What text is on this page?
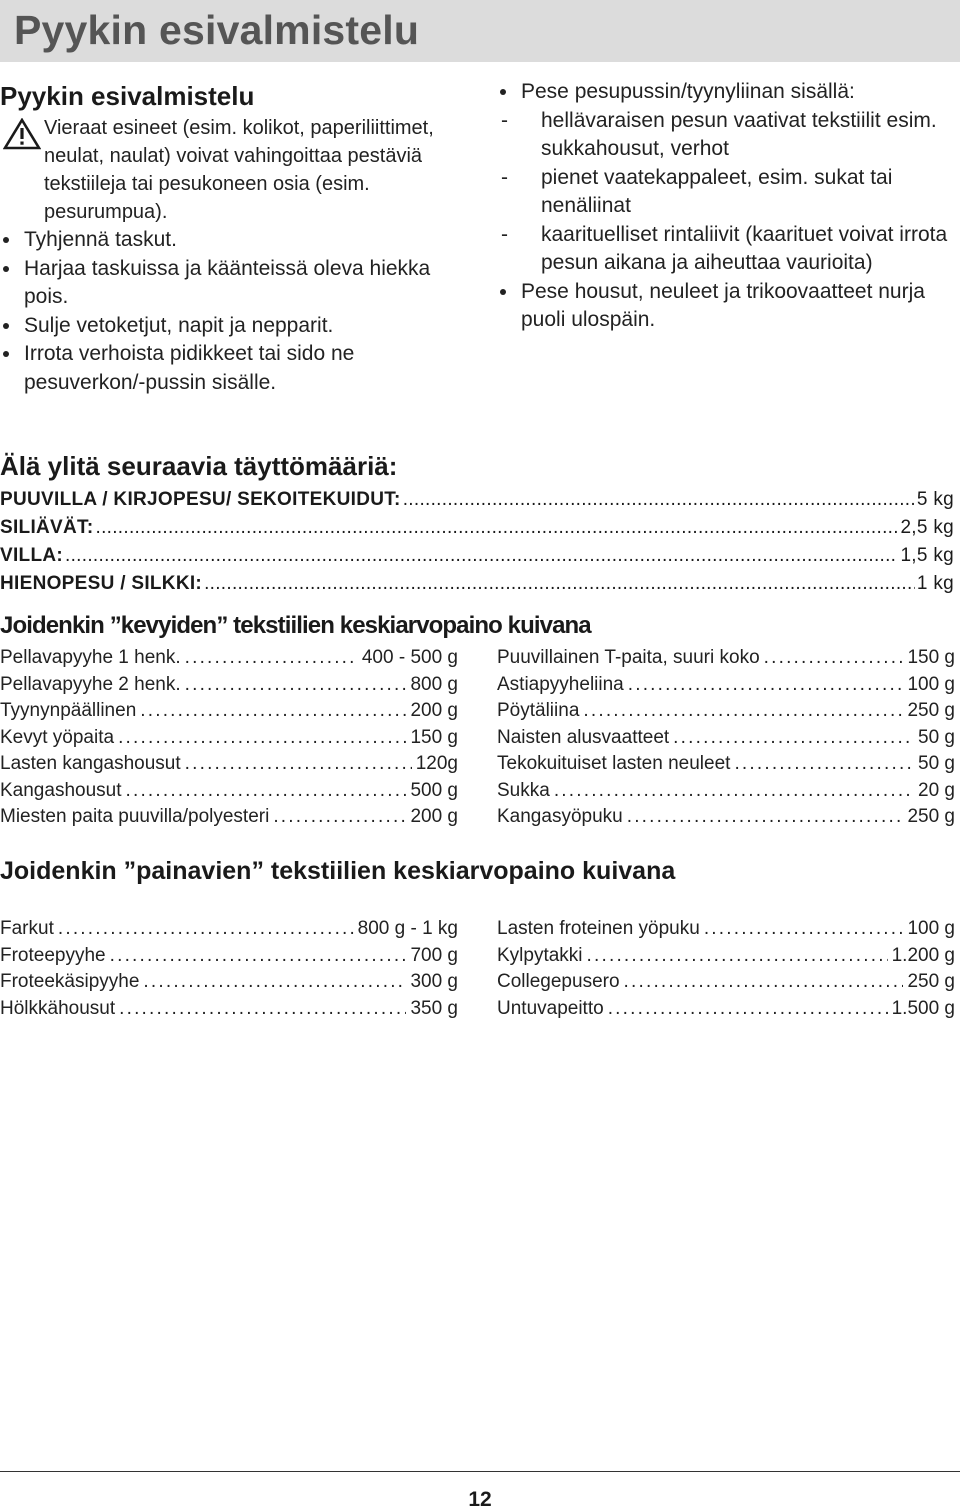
Pyykin esivalmistelu
Pyykin esivalmistelu
Vieraat esineet (esim. kolikot, paperiliittimet, neulat, naulat) voivat vahingoittaa pestäviä tekstiileja tai pesukoneen osia (esim. pesurumpua).
Tyhjennä taskut.
Harjaa taskuissa ja käänteissä oleva hiekka pois.
Sulje vetoketjut, napit ja nepparit.
Irrota verhoista pidikkeet tai sido ne pesuverkon/-pussin sisälle.
Pese pesupussin/tyynyliinan sisällä:
- hellävaraisen pesun vaativat tekstiilit esim. sukkahousut, verhot
- pienet vaatekappaleet, esim. sukat tai nenäliinat
- kaarituelliset rintaliivit (kaarituet voivat irrota pesun aikana ja aiheuttaa vaurioita)
Pese housut, neuleet ja trikoovaatteet nurja puoli ulospäin.
Älä ylitä seuraavia täyttömääriä:
PUUVILLA / KIRJOPESU/ SEKOITEKUIDUT: .....	5 kg
SILIÄVÄT: .....	2,5 kg
VILLA: .....	1,5 kg
HIENOPESU / SILKKI: .....	1 kg
Joidenkin ”kevyiden” tekstiilien keskiarvopaino kuivana
Pellavapyyhe 1 henk. .....	400 - 500 g
Pellavapyyhe 2 henk. .....	800 g
Tyynynpäällinen .....	200 g
Kevyt yöpaita .....	150 g
Lasten kangashousut .....	120g
Kangashousut .....	500 g
Miesten paita puuvilla/polyesteri .....	200 g
Puuvillainen T-paita, suuri koko .....	150 g
Astiapyyheliina .....	100 g
Pöytäliina .....	250 g
Naisten alusvaatteet .....	50 g
Tekokuituiset lasten neuleet .....	50 g
Sukka .....	20 g
Kangasyöpuku .....	250 g
Joidenkin ”painavien” tekstiilien keskiarvopaino kuivana
Farkut .....	800 g - 1 kg
Froteepyyhe .....	700 g
Froteekäsipyyhe .....	300 g
Hölkkähousut .....	350 g
Lasten froteinen yöpuku .....	100 g
Kylpytakki .....	1.200 g
Collegepusero .....	250 g
Untuvapeitto .....	1.500 g
12
